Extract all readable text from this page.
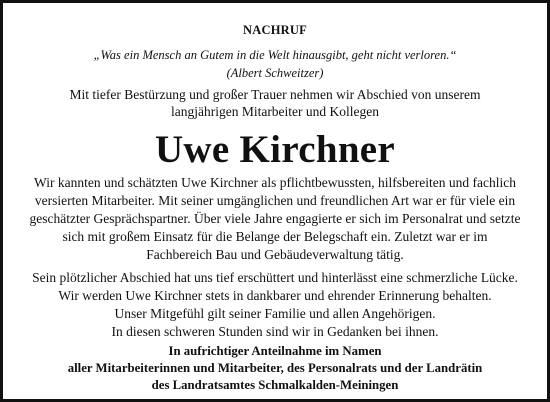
NACHRUF
„Was ein Mensch an Gutem in die Welt hinausgibt, geht nicht verloren.“
(Albert Schweitzer)
Mit tiefer Bestürzung und großer Trauer nehmen wir Abschied von unserem
langjährigen Mitarbeiter und Kollegen
Uwe Kirchner
Wir kannten und schätzten Uwe Kirchner als pflichtbewussten, hilfsbereiten und fachlich
versierten Mitarbeiter. Mit seiner umgänglichen und freundlichen Art war er für viele ein
geschätzter Gesprächspartner. Über viele Jahre engagierte er sich im Personalrat und setzte
sich mit großem Einsatz für die Belange der Belegschaft ein. Zuletzt war er im
Fachbereich Bau und Gebäudeverwaltung tätig.
Sein plötzlicher Abschied hat uns tief erschüttert und hinterlässt eine schmerzliche Lücke.
Wir werden Uwe Kirchner stets in dankbarer und ehrender Erinnerung behalten.
Unser Mitgefühl gilt seiner Familie und allen Angehörigen.
In diesen schweren Stunden sind wir in Gedanken bei ihnen.
In aufrichtiger Anteilnahme im Namen
aller Mitarbeiterinnen und Mitarbeiter, des Personalrats und der Landrätin
des Landratsamtes Schmalkalden-Meiningen
